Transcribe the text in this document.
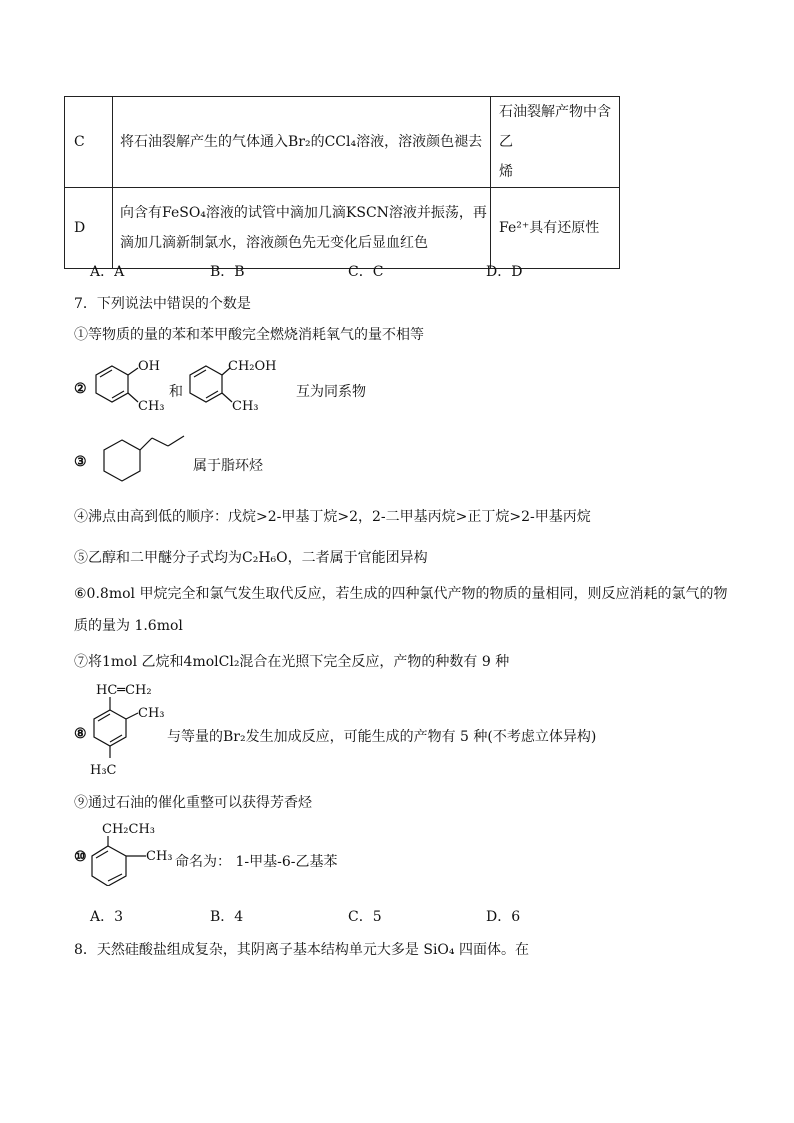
C	将石油裂解产生的气体通入Br₂的CCl₄溶液，溶液颜色褪去	石油裂解产物中含乙
烯

D	向含有FeSO₄溶液的试管中滴加几滴KSCN溶液并振荡，再
滴加几滴新制氯水，溶液颜色先无变化后显血红色	Fe²⁺具有还原性
A．A	B．B	C．C	D．D
7．下列说法中错误的个数是
①等物质的量的苯和苯甲酸完全燃烧消耗氧气的量不相等
②
OH
CH₃
和
CH₂OH
CH₃
互为同系物
③	属于脂环烃
④沸点由高到低的顺序：戊烷>2-甲基丁烷>2，2-二甲基丙烷>正丁烷>2-甲基丙烷
⑤乙醇和二甲醚分子式均为C₂H₆O，二者属于官能团异构
⑥0.8mol 甲烷完全和氯气发生取代反应，若生成的四种氯代产物的物质的量相同，则反应消耗的氯气的物
质的量为 1.6mol
⑦将1mol 乙烷和4molCl₂混合在光照下完全反应，产物的种数有 9 种
⑧
HC═CH₂
CH₃
H₃C
与等量的Br₂发生加成反应，可能生成的产物有 5 种(不考虑立体异构)
⑨通过石油的催化重整可以获得芳香烃
⑩
CH₂CH₃
CH₃ 命名为： 1-甲基-6-乙基苯
A．3	B．4	C．5	D．6
8．天然硅酸盐组成复杂，其阴离子基本结构单元大多是 SiO₄ 四面体。在
